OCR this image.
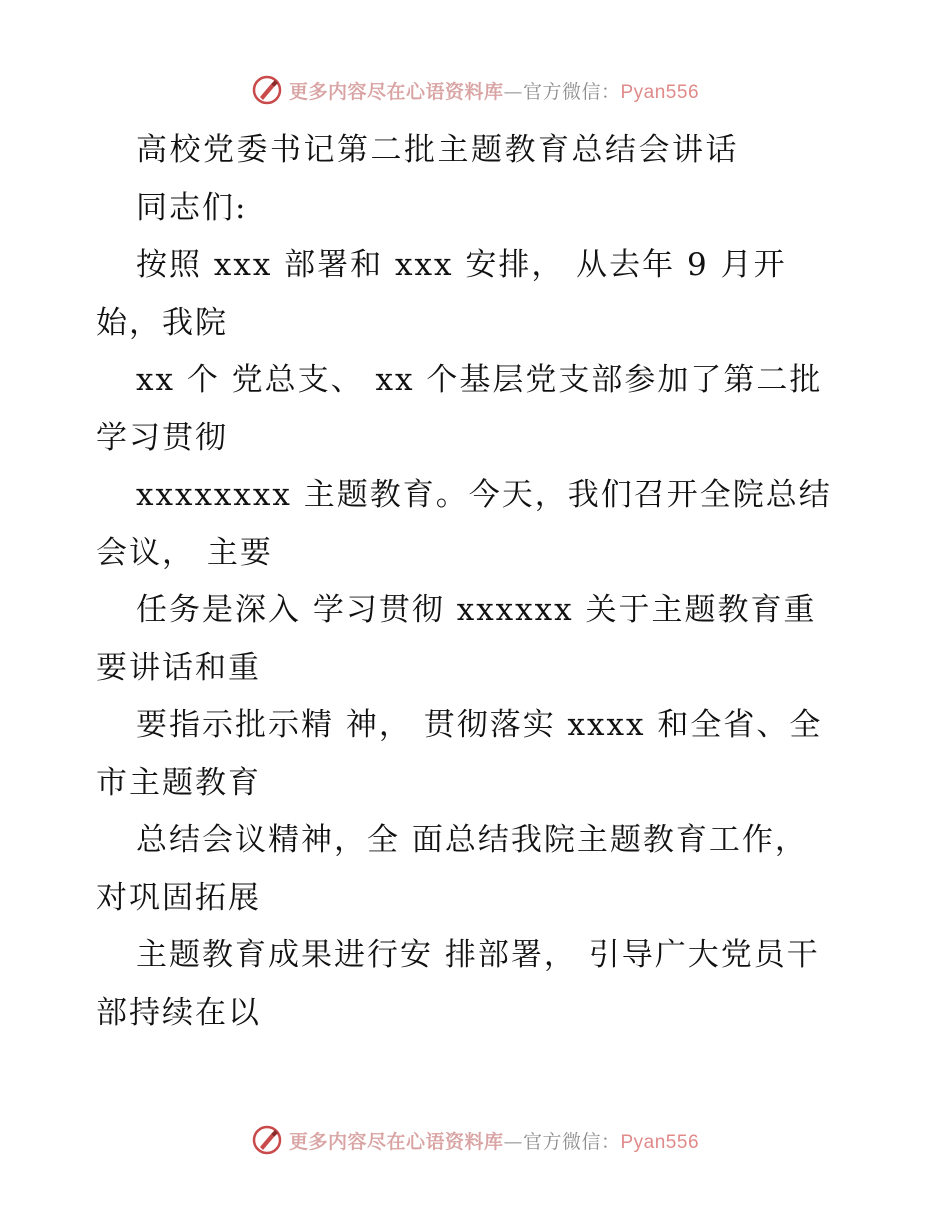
更多内容尽在心语资料库—官方微信：Pyan556
高校党委书记第二批主题教育总结会讲话
同志们:
按照 xxx 部署和 xxx 安排， 从去年 9 月开
始，我院
xx 个 党总支、 xx 个基层党支部参加了第二批
学习贯彻
xxxxxxxx 主题教育。今天，我们召开全院总结
会议， 主要
任务是深入 学习贯彻 xxxxxx 关于主题教育重
要讲话和重
要指示批示精 神， 贯彻落实 xxxx 和全省、全
市主题教育
总结会议精神，全 面总结我院主题教育工作，
对巩固拓展
主题教育成果进行安 排部署， 引导广大党员干
部持续在以
更多内容尽在心语资料库—官方微信：Pyan556
